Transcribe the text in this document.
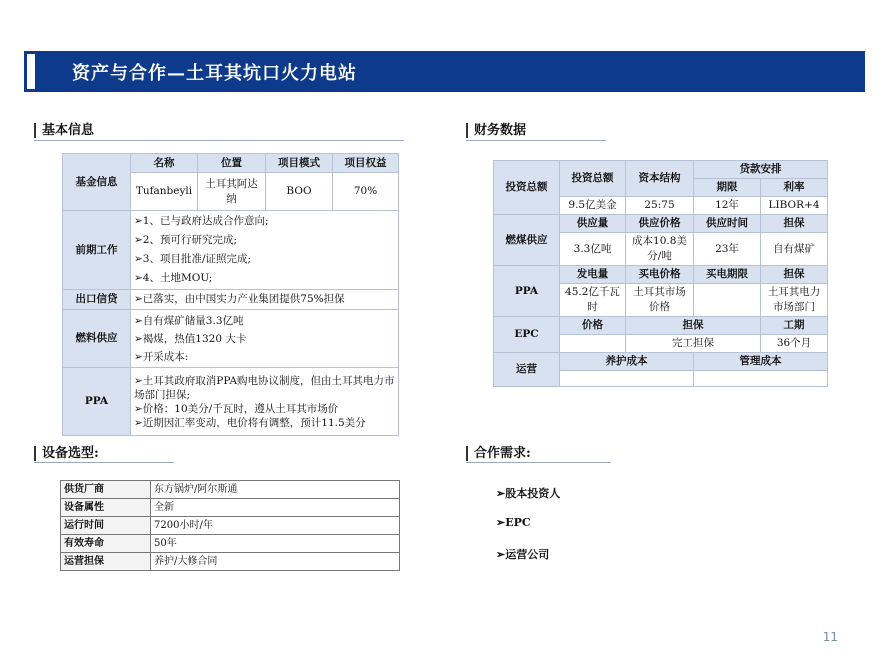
资产与合作—土耳其坑口火力电站
基本信息	财务数据
设备选型:	合作需求:
基金信息	名称	位置	项目模式	项目权益
	Tufanbeyli	土耳其阿达纳	BOO	70%
前期工作	➢1、已与政府达成合作意向;
➢2、预可行研究完成;
➢3、项目批准/证照完成;
➢4、土地MOU;			

出口信贷	➢已落实，由中国实力产业集团提供75%担保			
燃料供应	➢自有煤矿储量3.3亿吨
➢褐煤，热值1320 大卡
➢开采成本:			

PPA	➢土耳其政府取消PPA购电协议制度，但由土耳其电力市场部门担保;
➢价格：10美分/千瓦时，遵从土耳其市场价
➢近期因汇率变动，电价将有调整，预计11.5美分			
投资总额	投资总额	资本结构	贷款安排	
			期限	利率
	9.5亿美金	25:75	12年	LIBOR+4
燃煤供应	供应量	供应价格	供应时间	担保
	3.3亿吨	成本10.8美分/吨	23年	自有煤矿
PPA	发电量	买电价格	买电期限	担保
	45.2亿千瓦时	土耳其市场价格		土耳其电力市场部门
EPC	价格	担保		工期
		完工担保		36个月
运营	养护成本		管理成本	

供货厂商	东方锅炉/阿尔斯通
设备属性	全新
运行时间	7200小时/年
有效寿命	50年
运营担保	养护/大修合同
➢股本投资人
➢EPC
➢运营公司
11
